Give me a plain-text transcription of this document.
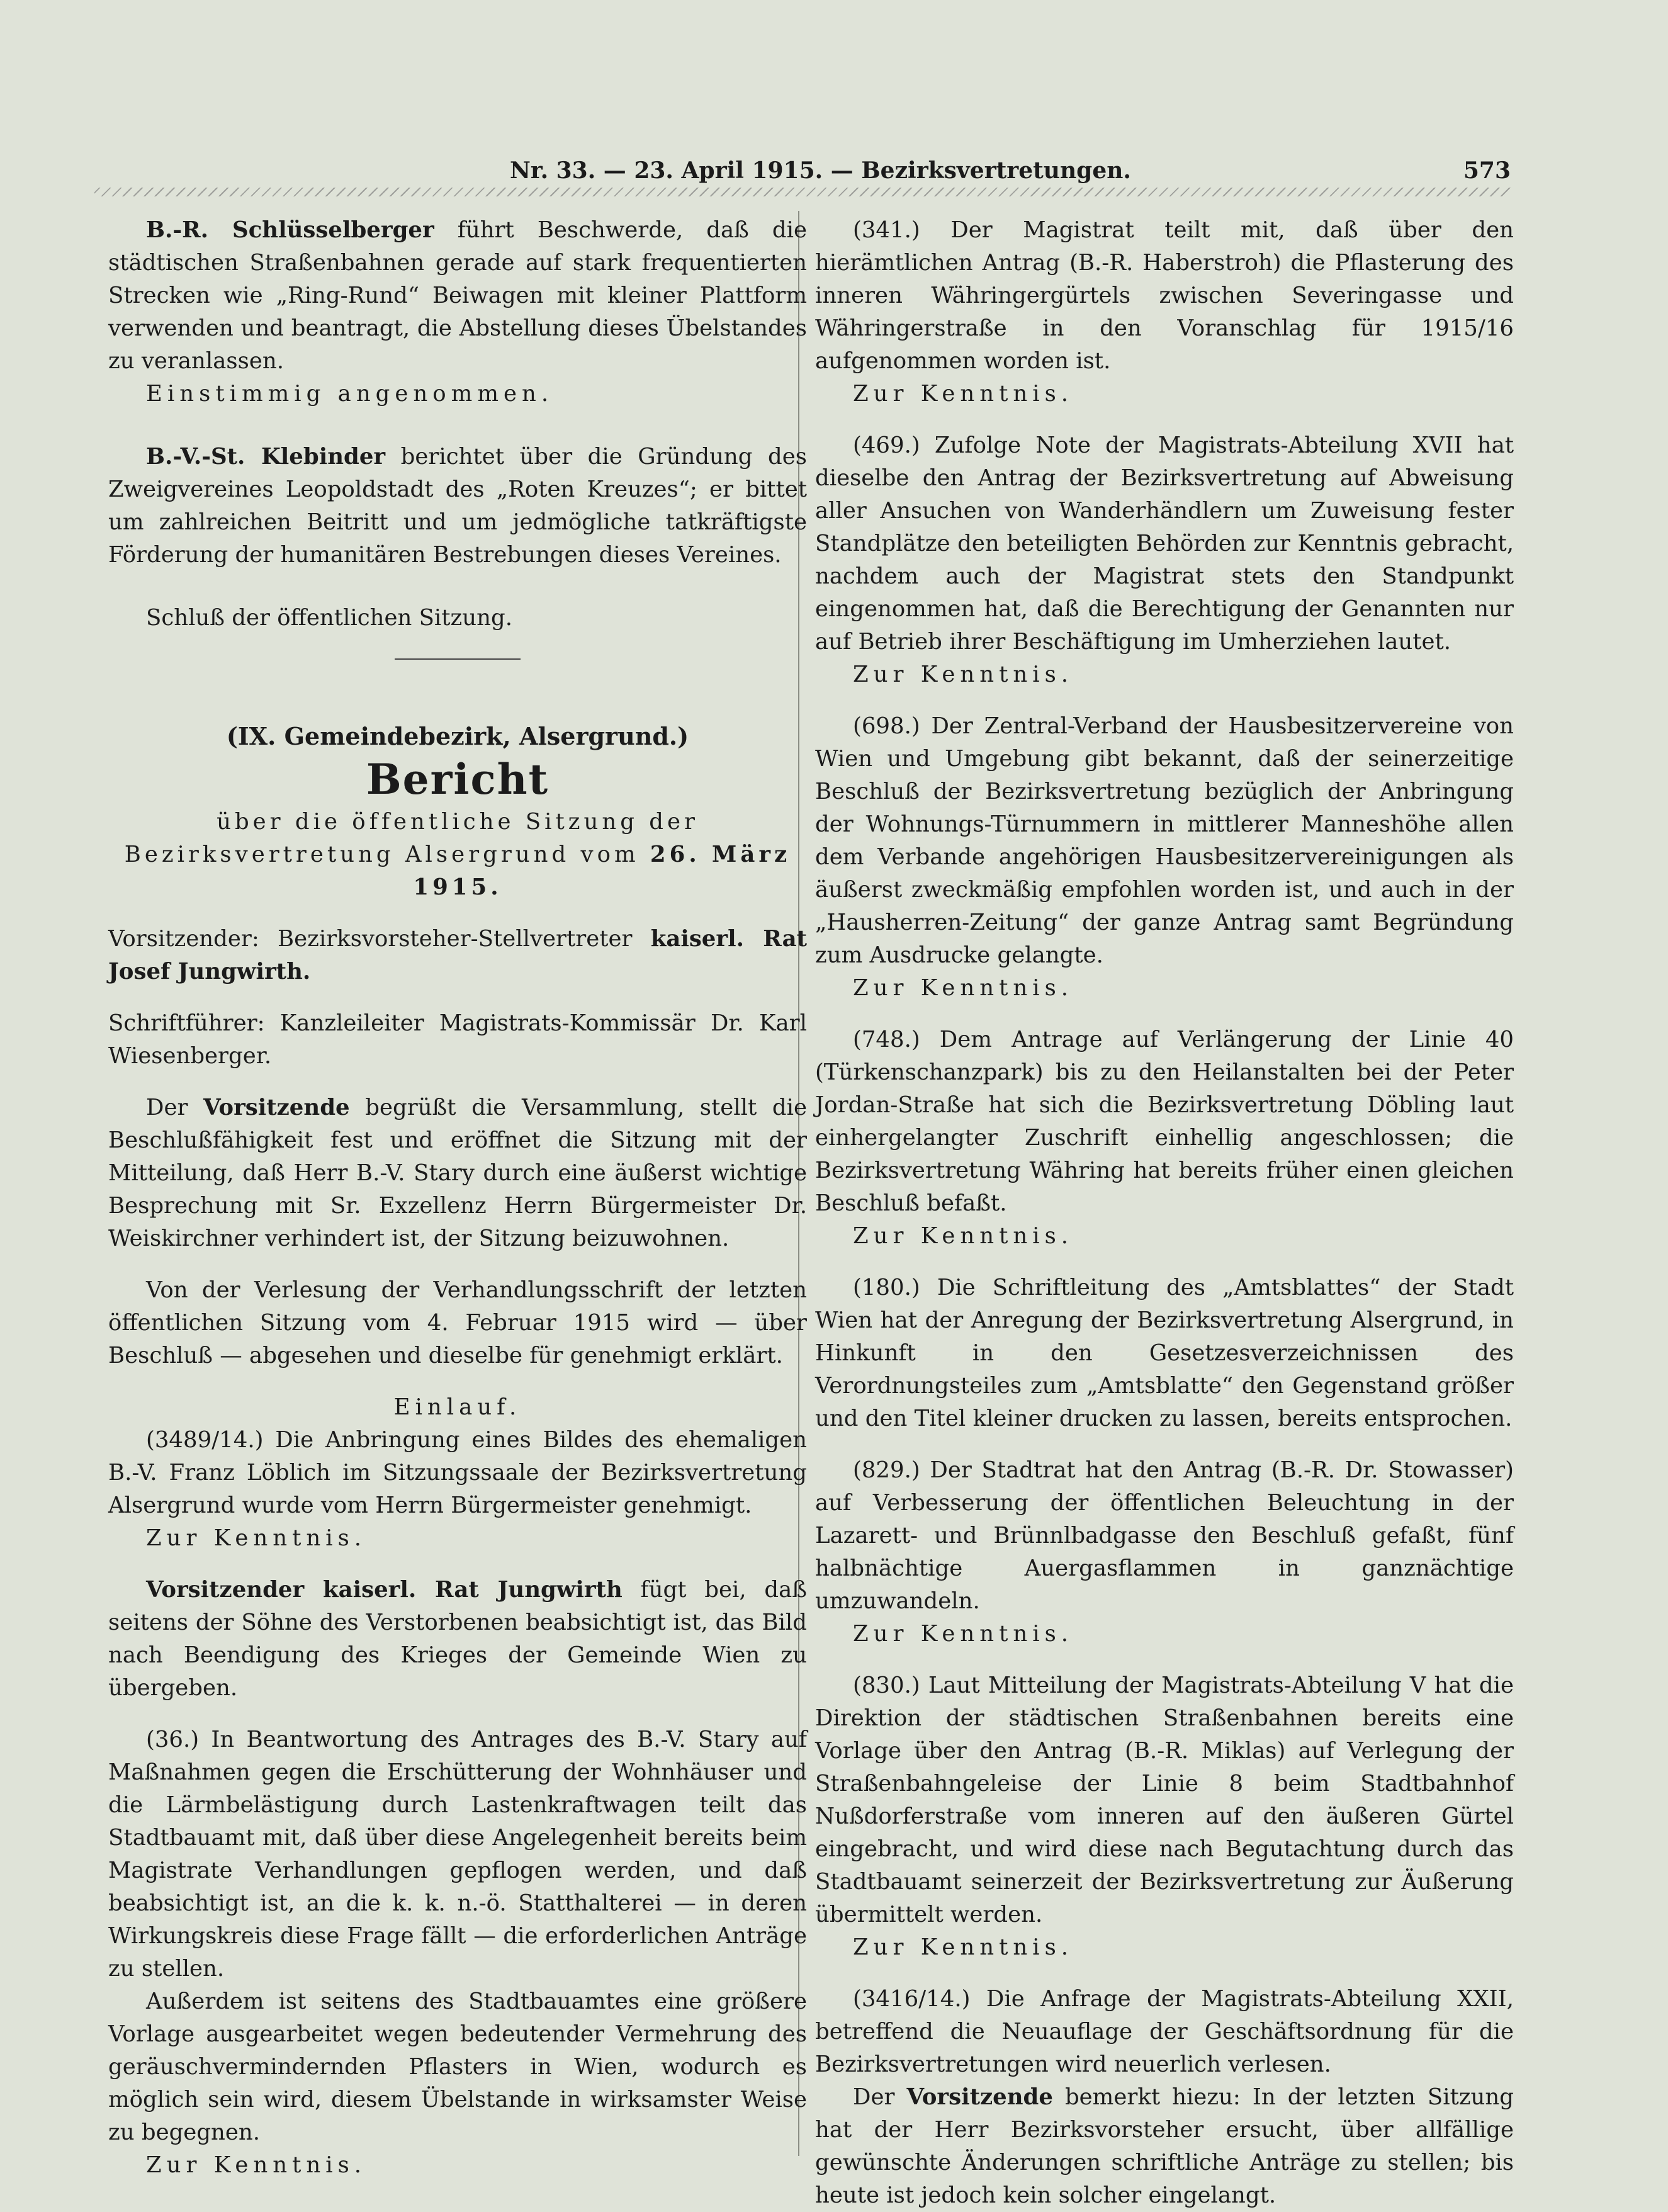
Nr. 33. — 23. April 1915. — Bezirksvertretungen.	573

B.-R. Schlüsselberger führt Beschwerde, daß die städtischen Straßenbahnen gerade auf stark frequentierten Strecken wie „Ring-Rund“ Beiwagen mit kleiner Plattform verwenden und beantragt, die Abstellung dieses Übelstandes zu veranlassen.

Einstimmig angenommen.

B.-V.-St. Klebinder berichtet über die Gründung des Zweigvereines Leopoldstadt des „Roten Kreuzes“; er bittet um zahlreichen Beitritt und um jedmögliche tatkräftigste Förderung der humanitären Bestrebungen dieses Vereines.

Schluß der öffentlichen Sitzung.

(IX. Gemeindebezirk, Alsergrund.)

Bericht

über die öffentliche Sitzung der Bezirksvertretung Alsergrund vom 26. März 1915.

Vorsitzender: Bezirksvorsteher-Stellvertreter kaiserl. Rat Josef Jungwirth.

Schriftführer: Kanzleileiter Magistrats-Kommissär Dr. Karl Wiesenberger.

Der Vorsitzende begrüßt die Versammlung, stellt die Beschlußfähigkeit fest und eröffnet die Sitzung mit der Mitteilung, daß Herr B.-V. Stary durch eine äußerst wichtige Besprechung mit Sr. Exzellenz Herrn Bürgermeister Dr. Weiskirchner verhindert ist, der Sitzung beizuwohnen.

Von der Verlesung der Verhandlungsschrift der letzten öffentlichen Sitzung vom 4. Februar 1915 wird — über Beschluß — abgesehen und dieselbe für genehmigt erklärt.

Einlauf.

(3489/14.) Die Anbringung eines Bildes des ehemaligen B.-V. Franz Löblich im Sitzungssaale der Bezirksvertretung Alsergrund wurde vom Herrn Bürgermeister genehmigt.

Zur Kenntnis.

Vorsitzender kaiserl. Rat Jungwirth fügt bei, daß seitens der Söhne des Verstorbenen beabsichtigt ist, das Bild nach Beendigung des Krieges der Gemeinde Wien zu übergeben.

(36.) In Beantwortung des Antrages des B.-V. Stary auf Maßnahmen gegen die Erschütterung der Wohnhäuser und die Lärmbelästigung durch Lastenkraftwagen teilt das Stadtbauamt mit, daß über diese Angelegenheit bereits beim Magistrate Verhandlungen gepflogen werden, und daß beabsichtigt ist, an die k. k. n.-ö. Statthalterei — in deren Wirkungskreis diese Frage fällt — die erforderlichen Anträge zu stellen.

Außerdem ist seitens des Stadtbauamtes eine größere Vorlage ausgearbeitet wegen bedeutender Vermehrung des geräuschvermindernden Pflasters in Wien, wodurch es möglich sein wird, diesem Übelstande in wirksamster Weise zu begegnen.

Zur Kenntnis.

(341.) Der Magistrat teilt mit, daß über den hierämtlichen Antrag (B.-R. Haberstroh) die Pflasterung des inneren Währingergürtels zwischen Severingasse und Währingerstraße in den Voranschlag für 1915/16 aufgenommen worden ist.

Zur Kenntnis.

(469.) Zufolge Note der Magistrats-Abteilung XVII hat dieselbe den Antrag der Bezirksvertretung auf Abweisung aller Ansuchen von Wanderhändlern um Zuweisung fester Standplätze den beteiligten Behörden zur Kenntnis gebracht, nachdem auch der Magistrat stets den Standpunkt eingenommen hat, daß die Berechtigung der Genannten nur auf Betrieb ihrer Beschäftigung im Umherziehen lautet.

Zur Kenntnis.

(698.) Der Zentral-Verband der Hausbesitzervereine von Wien und Umgebung gibt bekannt, daß der seinerzeitige Beschluß der Bezirksvertretung bezüglich der Anbringung der Wohnungs-Türnummern in mittlerer Manneshöhe allen dem Verbande angehörigen Hausbesitzervereinigungen als äußerst zweckmäßig empfohlen worden ist, und auch in der „Hausherren-Zeitung“ der ganze Antrag samt Begründung zum Ausdrucke gelangte.

Zur Kenntnis.

(748.) Dem Antrage auf Verlängerung der Linie 40 (Türkenschanzpark) bis zu den Heilanstalten bei der Peter Jordan-Straße hat sich die Bezirksvertretung Döbling laut einhergelangter Zuschrift einhellig angeschlossen; die Bezirksvertretung Währing hat bereits früher einen gleichen Beschluß befaßt.

Zur Kenntnis.

(180.) Die Schriftleitung des „Amtsblattes“ der Stadt Wien hat der Anregung der Bezirksvertretung Alsergrund, in Hinkunft in den Gesetzesverzeichnissen des Verordnungsteiles zum „Amtsblatte“ den Gegenstand größer und den Titel kleiner drucken zu lassen, bereits entsprochen.

(829.) Der Stadtrat hat den Antrag (B.-R. Dr. Stowasser) auf Verbesserung der öffentlichen Beleuchtung in der Lazarett- und Brünnlbadgasse den Beschluß gefaßt, fünf halbnächtige Auergasflammen in ganznächtige umzuwandeln.

Zur Kenntnis.

(830.) Laut Mitteilung der Magistrats-Abteilung V hat die Direktion der städtischen Straßenbahnen bereits eine Vorlage über den Antrag (B.-R. Miklas) auf Verlegung der Straßenbahngeleise der Linie 8 beim Stadtbahnhof Nußdorferstraße vom inneren auf den äußeren Gürtel eingebracht, und wird diese nach Begutachtung durch das Stadtbauamt seinerzeit der Bezirksvertretung zur Äußerung übermittelt werden.

Zur Kenntnis.

(3416/14.) Die Anfrage der Magistrats-Abteilung XXII, betreffend die Neuauflage der Geschäftsordnung für die Bezirksvertretungen wird neuerlich verlesen.

Der Vorsitzende bemerkt hiezu: In der letzten Sitzung hat der Herr Bezirksvorsteher ersucht, über allfällige gewünschte Änderungen schriftliche Anträge zu stellen; bis heute ist jedoch kein solcher eingelangt.
